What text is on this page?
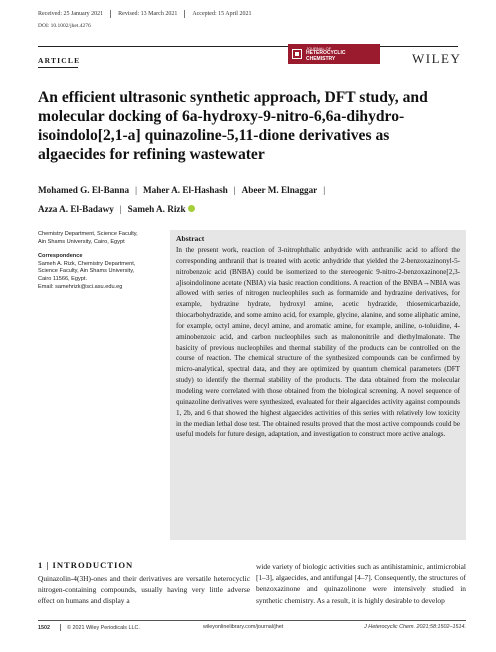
Received: 25 January 2021	Revised: 13 March 2021	Accepted: 15 April 2021
DOI: 10.1002/jhet.4276
ARTICLE
JOURNAL OF
HETEROCYCLIC
CHEMISTRY	WILEY
An efficient ultrasonic synthetic approach, DFT study, and molecular docking of 6a-hydroxy-9-nitro-6,6a-dihydro-isoindolo[2,1-a] quinazoline-5,11-dione derivatives as algaecides for refining wastewater
Mohamed G. El-Banna | Maher A. El-Hashash | Abeer M. Elnaggar |
Azza A. El-Badawy | Sameh A. Rizk
Chemistry Department, Science Faculty,
Ain Shams University, Cairo, Egypt
Correspondence
Sameh A. Rizk, Chemistry Department,
Science Faculty, Ain Shams University,
Cairo 11566, Egypt.
Email: samehrizk@sci.asu.edu.eg
Abstract
In the present work, reaction of 3-nitrophthalic anhydride with anthranilic acid to afford the corresponding anthranil that is treated with acetic anhydride that yielded the 2-benzoxazinonyl-5-nitrobenzoic acid (BNBA) could be isomerized to the stereogenic 9-nitro-2-benzoxazinone[2,3-a]isoindolinone acetate (NBIA) via basic reaction conditions. A reaction of the BNBA→NBIA was allowed with series of nitrogen nucleophiles such as formamide and hydrazine derivatives, for example, hydrazine hydrate, hydroxyl amine, acetic hydrazide, thiosemicarbazide, thiocarbohydrazide, and some amino acid, for example, glycine, alanine, and some aliphatic amine, for example, octyl amine, decyl amine, and aromatic amine, for example, aniline, o-toluidine, 4-aminobenzoic acid, and carbon nucleophiles such as malononitrile and diethylmalonate. The basicity of previous nucleophiles and thermal stability of the products can be controlled on the course of reaction. The chemical structure of the synthesized compounds can be confirmed by micro-analytical, spectral data, and they are optimized by quantum chemical parameters (DFT study) to identify the thermal stability of the products. The data obtained from the molecular modeling were correlated with those obtained from the biological screening. A novel sequence of quinazoline derivatives were synthesized, evaluated for their algaecides activity against compounds 1, 2b, and 6 that showed the highest algaecides activities of this series with relatively low toxicity in the median lethal dose test. The obtained results proved that the most active compounds could be useful models for future design, adaptation, and investigation to construct more active analogs.
1 | INTRODUCTION
Quinazolin-4(3H)-ones and their derivatives are versatile heterocyclic nitrogen-containing compounds, usually having very little adverse effect on humans and display a
wide variety of biologic activities such as antihistaminic, antimicrobial [1–3], algaecides, and antifungal [4–7]. Consequently, the structures of benzoxazinone and quinazolinone were intensively studied in synthetic chemistry. As a result, it is highly desirable to develop
1502	© 2021 Wiley Periodicals LLC.	wileyonlinelibrary.com/journal/jhet	J Heterocyclic Chem. 2021;58:1502–1514.
